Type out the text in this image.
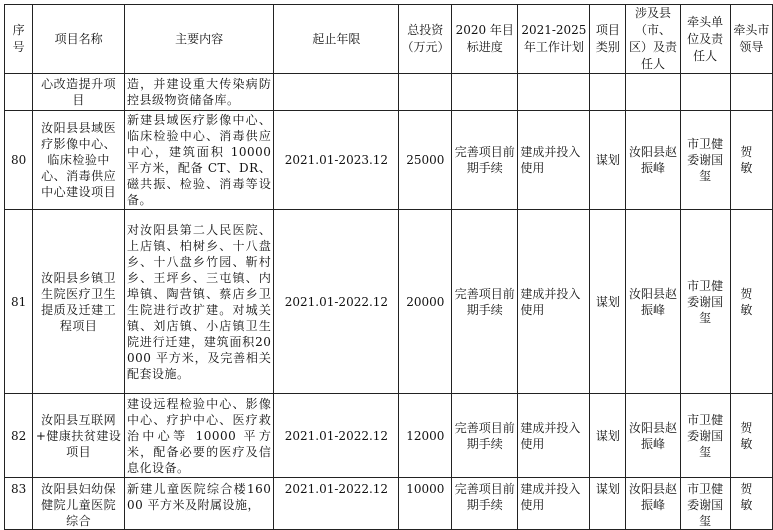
序号	项目名称	主要内容	起止年限	总投资（万元）	2020 年目标进度	2021-2025 年工作计划	项目类别	涉及县（市、区）及责任人	牵头单位及责任人	牵头市领导
	心改造提升项目	造，并建设重大传染病防控县级物资储备库。								
80	汝阳县县域医疗影像中心、临床检验中心、消毒供应中心建设项目	新建县域医疗影像中心、临床检验中心、消毒供应中心，建筑面积 10000 平方米，配备 CT、DR、磁共振、检验、消毒等设备。	2021.01-2023.12	25000	完善项目前期手续	建成并投入使用	谋划	汝阳县赵振峰	市卫健委谢国玺	贺 敏
81	汝阳县乡镇卫生院医疗卫生提质及迁建工程项目	对汝阳县第二人民医院、上店镇、柏树乡、十八盘乡、十八盘乡竹园、靳村乡、王坪乡、三屯镇、内埠镇、陶营镇、蔡店乡卫生院进行改扩建。对城关镇、刘店镇、小店镇卫生院进行迁建，建筑面积20000 平方米，及完善相关配套设施。	2021.01-2022.12	20000	完善项目前期手续	建成并投入使用	谋划	汝阳县赵振峰	市卫健委谢国玺	贺 敏
82	汝阳县互联网+健康扶贫建设项目	建设远程检验中心、影像中心、疗护中心、医疗救治中心等 10000 平方米，配备必要的医疗及信息化设备。	2021.01-2022.12	12000	完善项目前期手续	建成并投入使用	谋划	汝阳县赵振峰	市卫健委谢国玺	贺 敏
83	汝阳县妇幼保健院儿童医院综合	新建儿童医院综合楼16000 平方米及附属设施，	2021.01-2022.12	10000	完善项目前期手续	建成并投入使用	谋划	汝阳县赵振峰	市卫健委谢国玺	贺 敏
